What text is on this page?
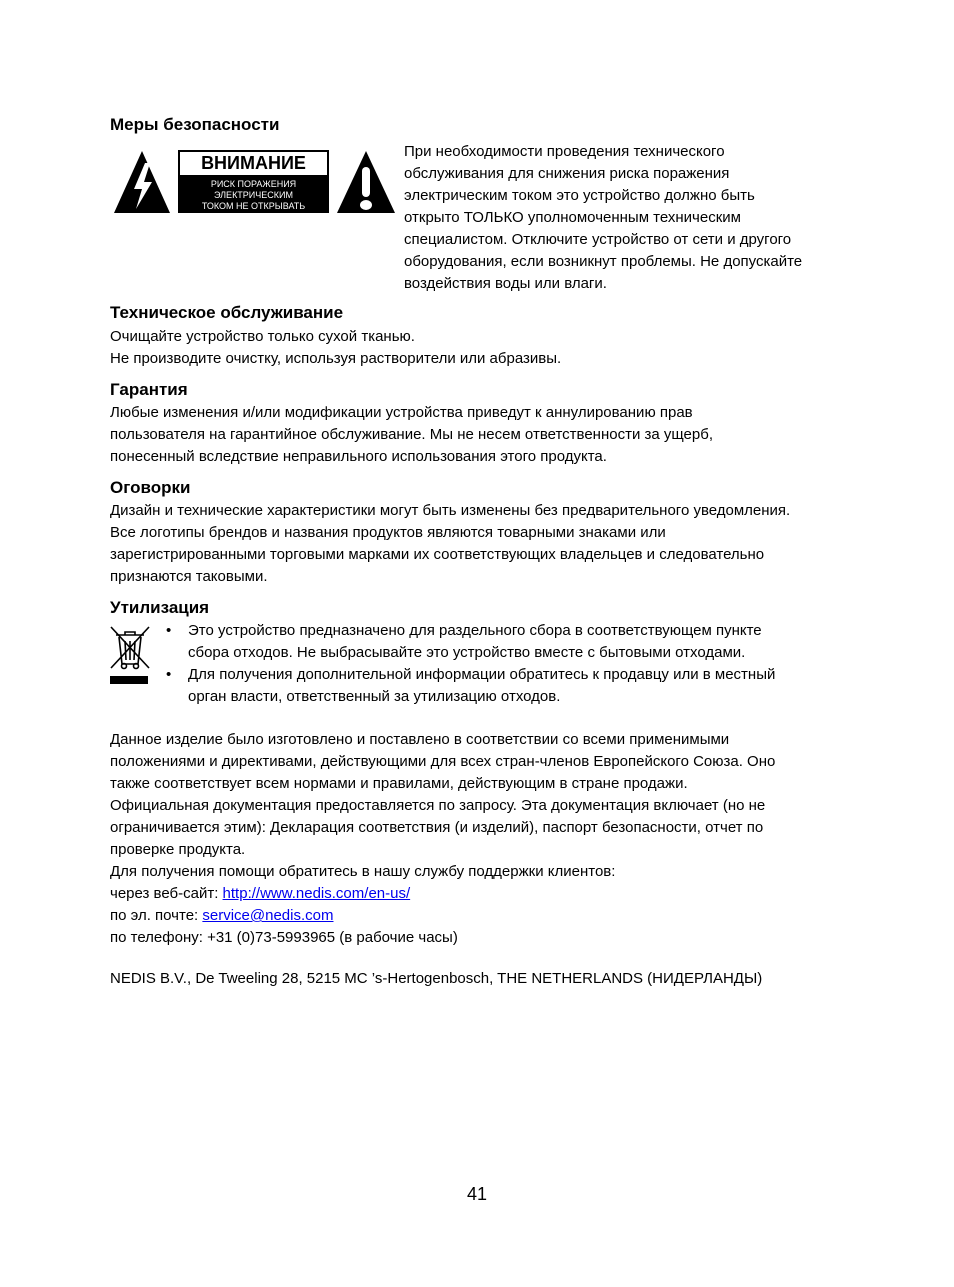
Меры безопасности
ВНИМАНИЕ
РИСК ПОРАЖЕНИЯ
ЭЛЕКТРИЧЕСКИМ
ТОКОМ НЕ ОТКРЫВАТЬ
При необходимости проведения технического
обслуживания для снижения риска поражения
электрическим током это устройство должно быть
открыто ТОЛЬКО уполномоченным техническим
специалистом. Отключите устройство от сети и другого
оборудования, если возникнут проблемы. Не допускайте
воздействия воды или влаги.
Техническое обслуживание
Очищайте устройство только сухой тканью.
Не производите очистку, используя растворители или абразивы.
Гарантия
Любые изменения и/или модификации устройства приведут к аннулированию прав
пользователя на гарантийное обслуживание. Мы не несем ответственности за ущерб,
понесенный вследствие неправильного использования этого продукта.
Оговорки
Дизайн и технические характеристики могут быть изменены без предварительного уведомления.
Все логотипы брендов и названия продуктов являются товарными знаками или
зарегистрированными торговыми марками их соответствующих владельцев и следовательно
признаются таковыми.
Утилизация
• Это устройство предназначено для раздельного сбора в соответствующем пункте
сбора отходов. Не выбрасывайте это устройство вместе с бытовыми отходами.
• Для получения дополнительной информации обратитесь к продавцу или в местный
орган власти, ответственный за утилизацию отходов.
Данное изделие было изготовлено и поставлено в соответствии со всеми применимыми
положениями и директивами, действующими для всех стран-членов Европейского Союза. Оно
также соответствует всем нормами и правилами, действующим в стране продажи.
Официальная документация предоставляется по запросу. Эта документация включает (но не
ограничивается этим): Декларация соответствия (и изделий), паспорт безопасности, отчет по
проверке продукта.
Для получения помощи обратитесь в нашу службу поддержки клиентов:
через веб-сайт: http://www.nedis.com/en-us/
по эл. почте: service@nedis.com
по телефону: +31 (0)73-5993965 (в рабочие часы)
NEDIS B.V., De Tweeling 28, 5215 MC ’s-Hertogenbosch, THE NETHERLANDS (НИДЕРЛАНДЫ)
41
